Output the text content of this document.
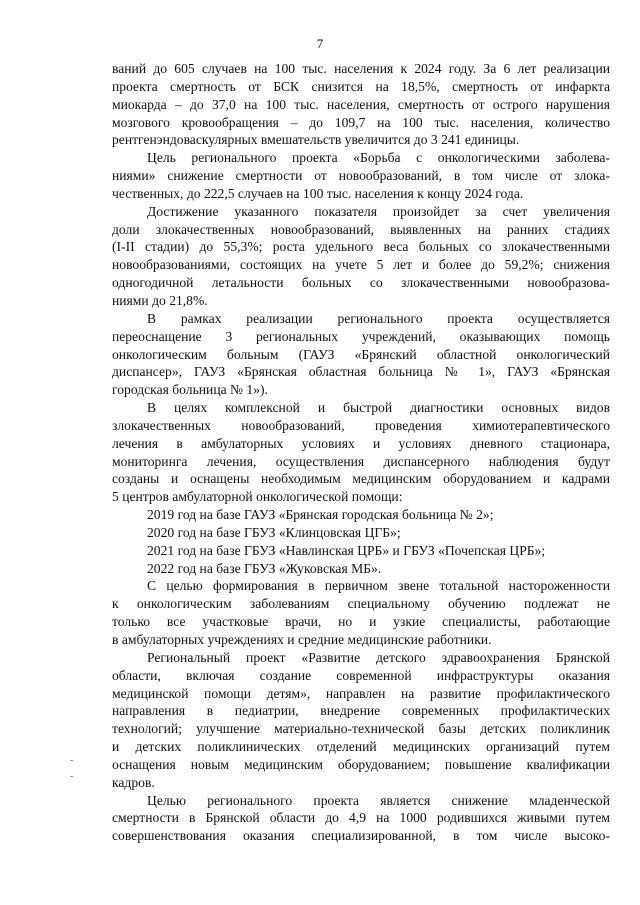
7
ваний до 605 случаев на 100 тыс. населения к 2024 году. За 6 лет реализации
проекта смертность от БСК снизится на 18,5%, смертность от инфаркта
миокарда – до 37,0 на 100 тыс. населения, смертность от острого нарушения
мозгового кровообращения – до 109,7 на 100 тыс. населения, количество
рентгенэндоваскулярных вмешательств увеличится до 3 241 единицы.
Цель регионального проекта «Борьба с онкологическими заболева-
ниями» снижение смертности от новообразований, в том числе от злока-
чественных, до 222,5 случаев на 100 тыс. населения к концу 2024 года.
Достижение указанного показателя произойдет за счет увеличения
доли злокачественных новообразований, выявленных на ранних стадиях
(I-II стадии) до 55,3%; роста удельного веса больных со злокачественными
новообразованиями, состоящих на учете 5 лет и более до 59,2%; снижения
одногодичной летальности больных со злокачественными новообразова-
ниями до 21,8%.
В рамках реализации регионального проекта осуществляется
переоснащение 3 региональных учреждений, оказывающих помощь
онкологическим больным (ГАУЗ «Брянский областной онкологический
диспансер», ГАУЗ «Брянская областная больница № 1», ГАУЗ «Брянская
городская больница № 1»).
В целях комплексной и быстрой диагностики основных видов
злокачественных новообразований, проведения химиотерапевтического
лечения в амбулаторных условиях и условиях дневного стационара,
мониторинга лечения, осуществления диспансерного наблюдения будут
созданы и оснащены необходимым медицинским оборудованием и кадрами
5 центров амбулаторной онкологической помощи:
2019 год на базе ГАУЗ «Брянская городская больница № 2»;
2020 год на базе ГБУЗ «Клинцовская ЦГБ»;
2021 год на базе ГБУЗ «Навлинская ЦРБ» и ГБУЗ «Почепская ЦРБ»;
2022 год на базе ГБУЗ «Жуковская МБ».
С целью формирования в первичном звене тотальной настороженности
к онкологическим заболеваниям специальному обучению подлежат не
только все участковые врачи, но и узкие специалисты, работающие
в амбулаторных учреждениях и средние медицинские работники.
Региональный проект «Развитие детского здравоохранения Брянской
области, включая создание современной инфраструктуры оказания
медицинской помощи детям», направлен на развитие профилактического
направления в педиатрии, внедрение современных профилактических
технологий; улучшение материально-технической базы детских поликлиник
и детских поликлинических отделений медицинских организаций путем
оснащения новым медицинским оборудованием; повышение квалификации
кадров.
Целью регионального проекта является снижение младенческой
смертности в Брянской области до 4,9 на 1000 родившихся живыми путем
совершенствования оказания специализированной, в том числе высоко-
